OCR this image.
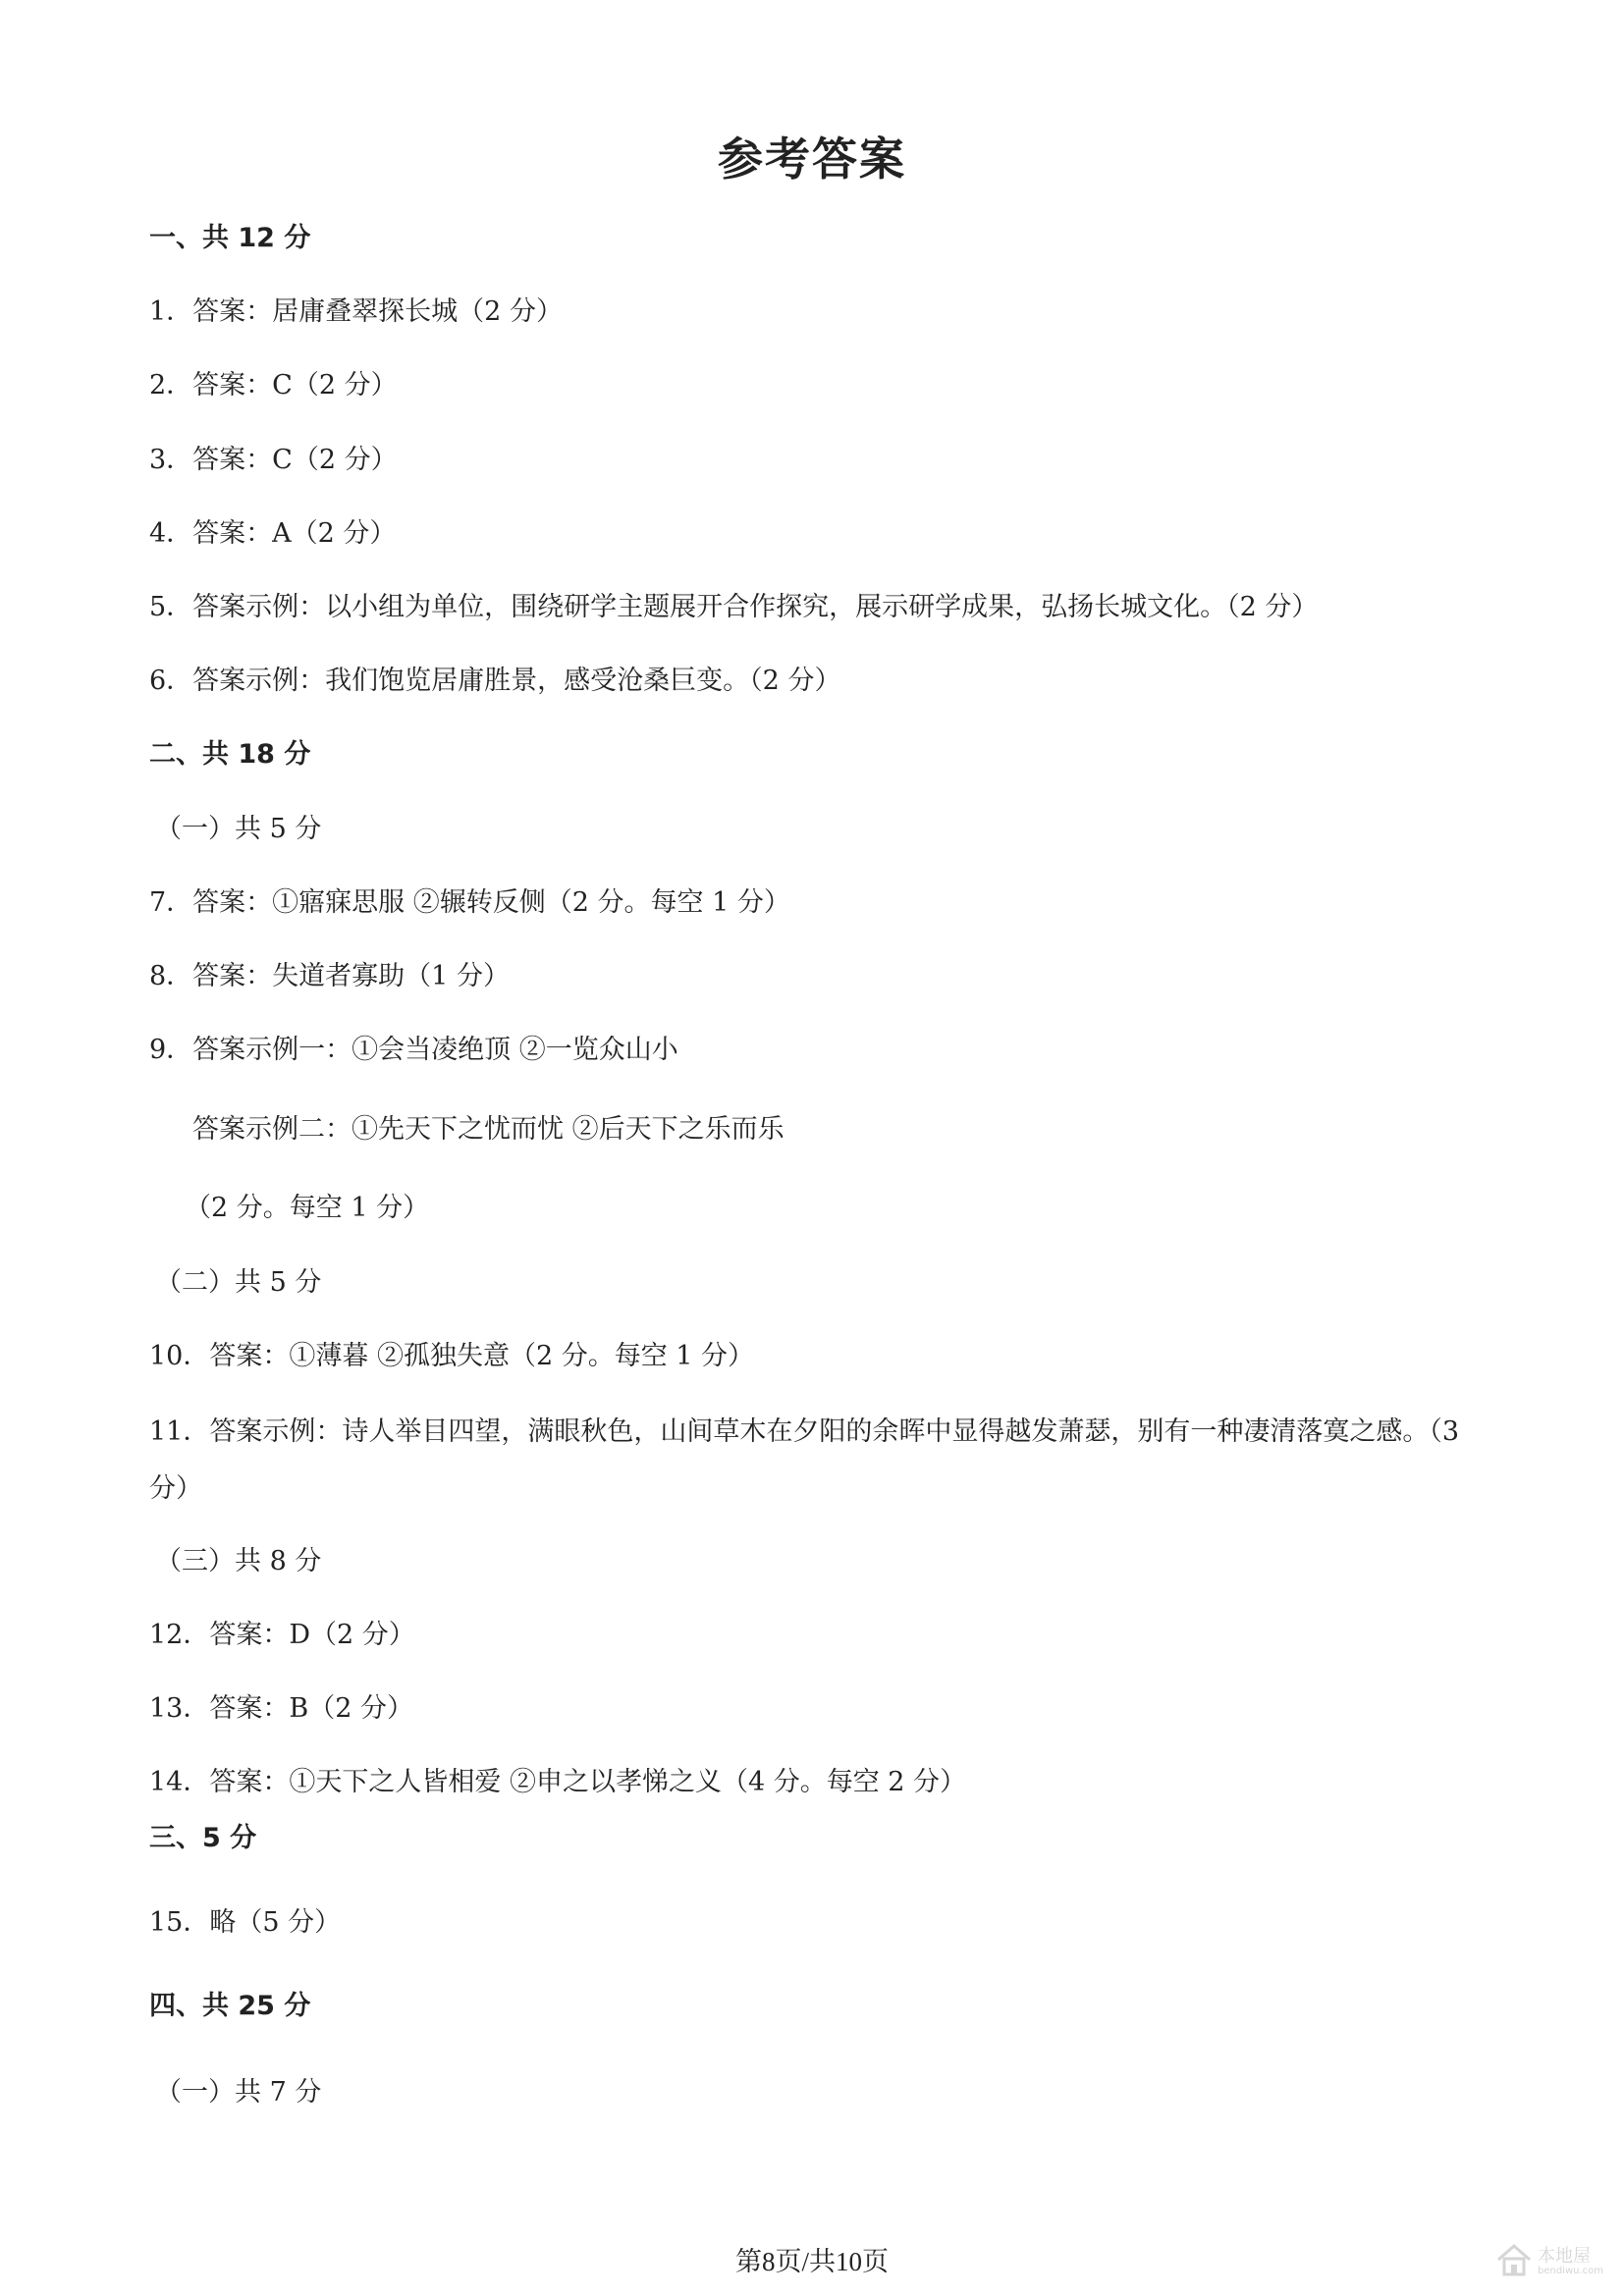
参考答案
一、共 12 分
1．答案：居庸叠翠探长城（2 分）
2．答案：C（2 分）
3．答案：C（2 分）
4．答案：A（2 分）
5．答案示例：以小组为单位，围绕研学主题展开合作探究，展示研学成果，弘扬长城文化。（2 分）
6．答案示例：我们饱览居庸胜景，感受沧桑巨变。（2 分）
二、共 18 分
（一）共 5 分
7．答案：①寤寐思服 ②辗转反侧（2 分。每空 1 分）
8．答案：失道者寡助（1 分）
9．答案示例一：①会当凌绝顶 ②一览众山小
答案示例二：①先天下之忧而忧 ②后天下之乐而乐
（2 分。每空 1 分）
（二）共 5 分
10．答案：①薄暮 ②孤独失意（2 分。每空 1 分）
11．答案示例：诗人举目四望，满眼秋色，山间草木在夕阳的余晖中显得越发萧瑟，别有一种凄清落寞之感。（3 分）
（三）共 8 分
12．答案：D（2 分）
13．答案：B（2 分）
14．答案：①天下之人皆相爱 ②申之以孝悌之义（4 分。每空 2 分）
三、5 分
15．略（5 分）
四、共 25 分
（一）共 7 分
第8页/共10页	本地屋
bendiwu.com
